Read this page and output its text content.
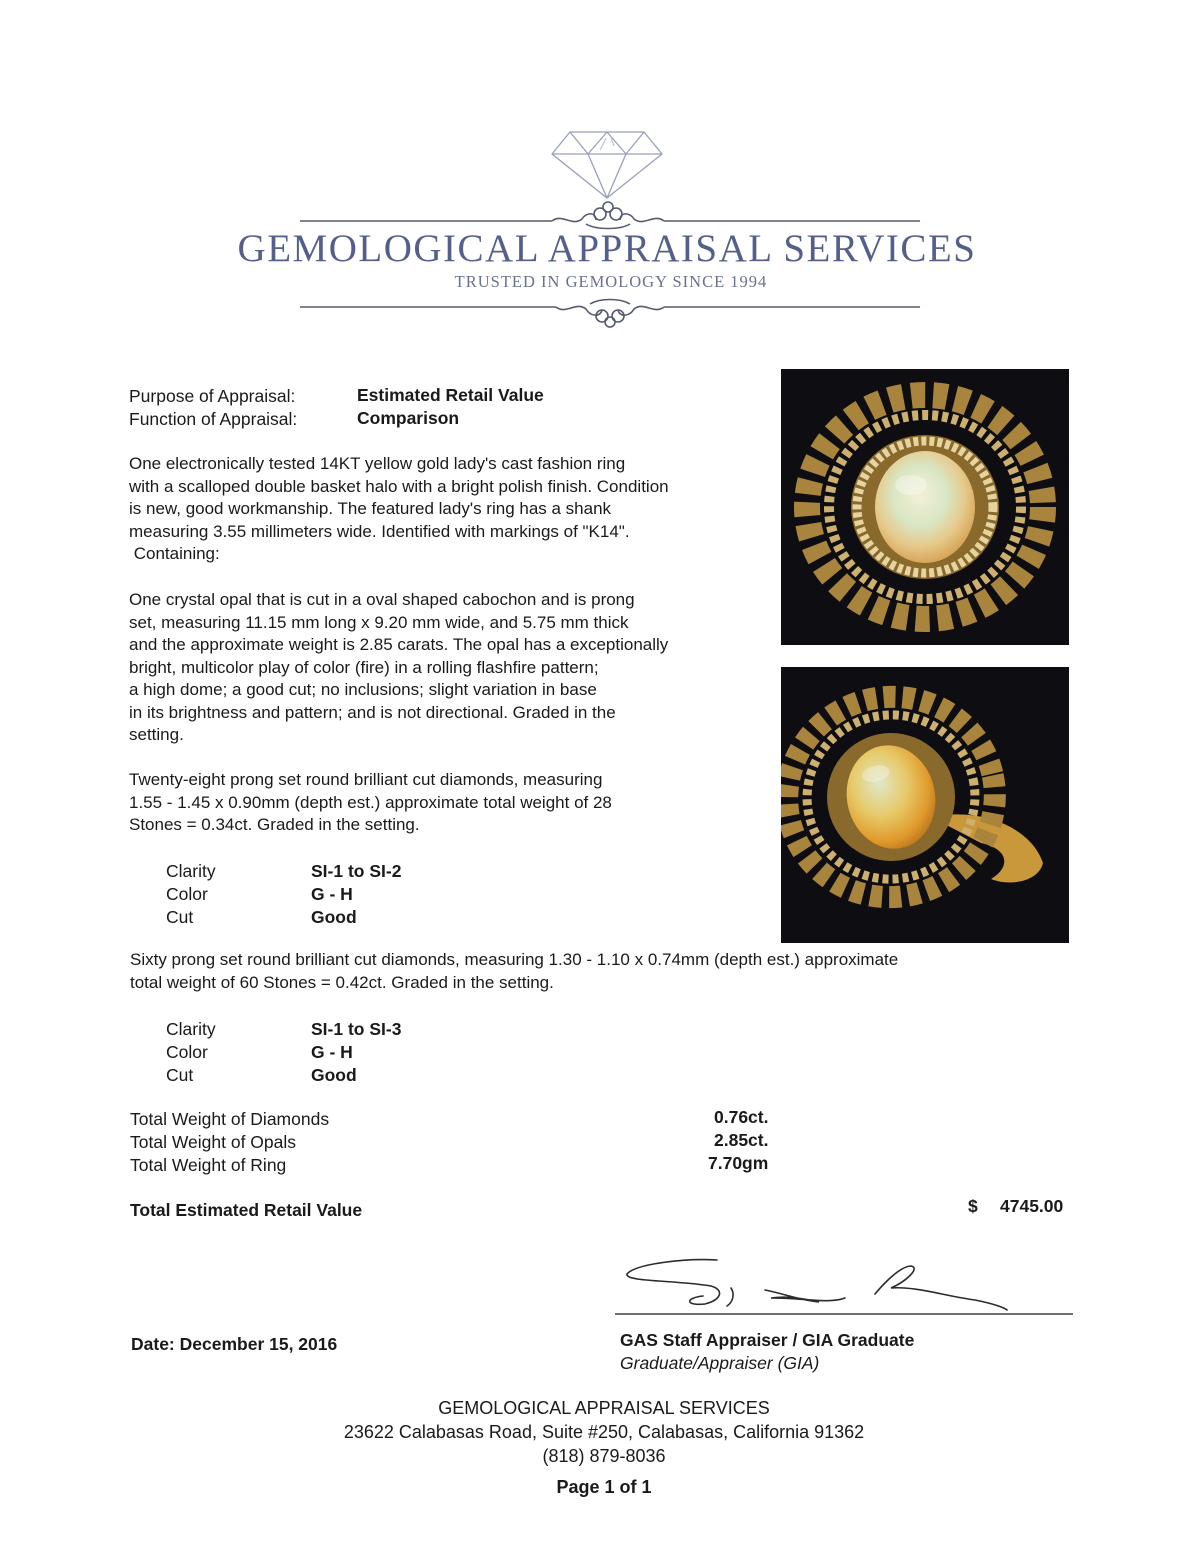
GEMOLOGICAL APPRAISAL SERVICES
TRUSTED IN GEMOLOGY SINCE 1994
Purpose of Appraisal:	Estimated Retail Value
Function of Appraisal:	Comparison
One electronically tested 14KT yellow gold lady's cast fashion ring
with a scalloped double basket halo with a bright polish finish. Condition
is new, good workmanship. The featured lady's ring has a shank
measuring 3.55 millimeters wide. Identified with markings of "K14".
Containing:
One crystal opal that is cut in a oval shaped cabochon and is prong
set, measuring 11.15 mm long x 9.20 mm wide, and 5.75 mm thick
and the approximate weight is 2.85 carats. The opal has a exceptionally
bright, multicolor play of color (fire) in a rolling flashfire pattern;
a high dome; a good cut; no inclusions; slight variation in base
in its brightness and pattern; and is not directional. Graded in the
setting.
Twenty-eight prong set round brilliant cut diamonds, measuring
1.55 - 1.45 x 0.90mm (depth est.) approximate total weight of 28
Stones = 0.34ct. Graded in the setting.
Clarity	SI-1 to SI-2
Color	G - H
Cut	Good
Sixty prong set round brilliant cut diamonds, measuring 1.30 - 1.10 x 0.74mm (depth est.) approximate
total weight of 60 Stones = 0.42ct. Graded in the setting.
Clarity	SI-1 to SI-3
Color	G - H
Cut	Good
Total Weight of Diamonds	0.76ct.
Total Weight of Opals	2.85ct.
Total Weight of Ring	7.70gm
Total Estimated Retail Value	$ 4745.00
Date: December 15, 2016	GAS Staff Appraiser / GIA Graduate
Graduate/Appraiser (GIA)
GEMOLOGICAL APPRAISAL SERVICES
23622 Calabasas Road, Suite #250, Calabasas, California 91362
(818) 879-8036
Page 1 of 1
